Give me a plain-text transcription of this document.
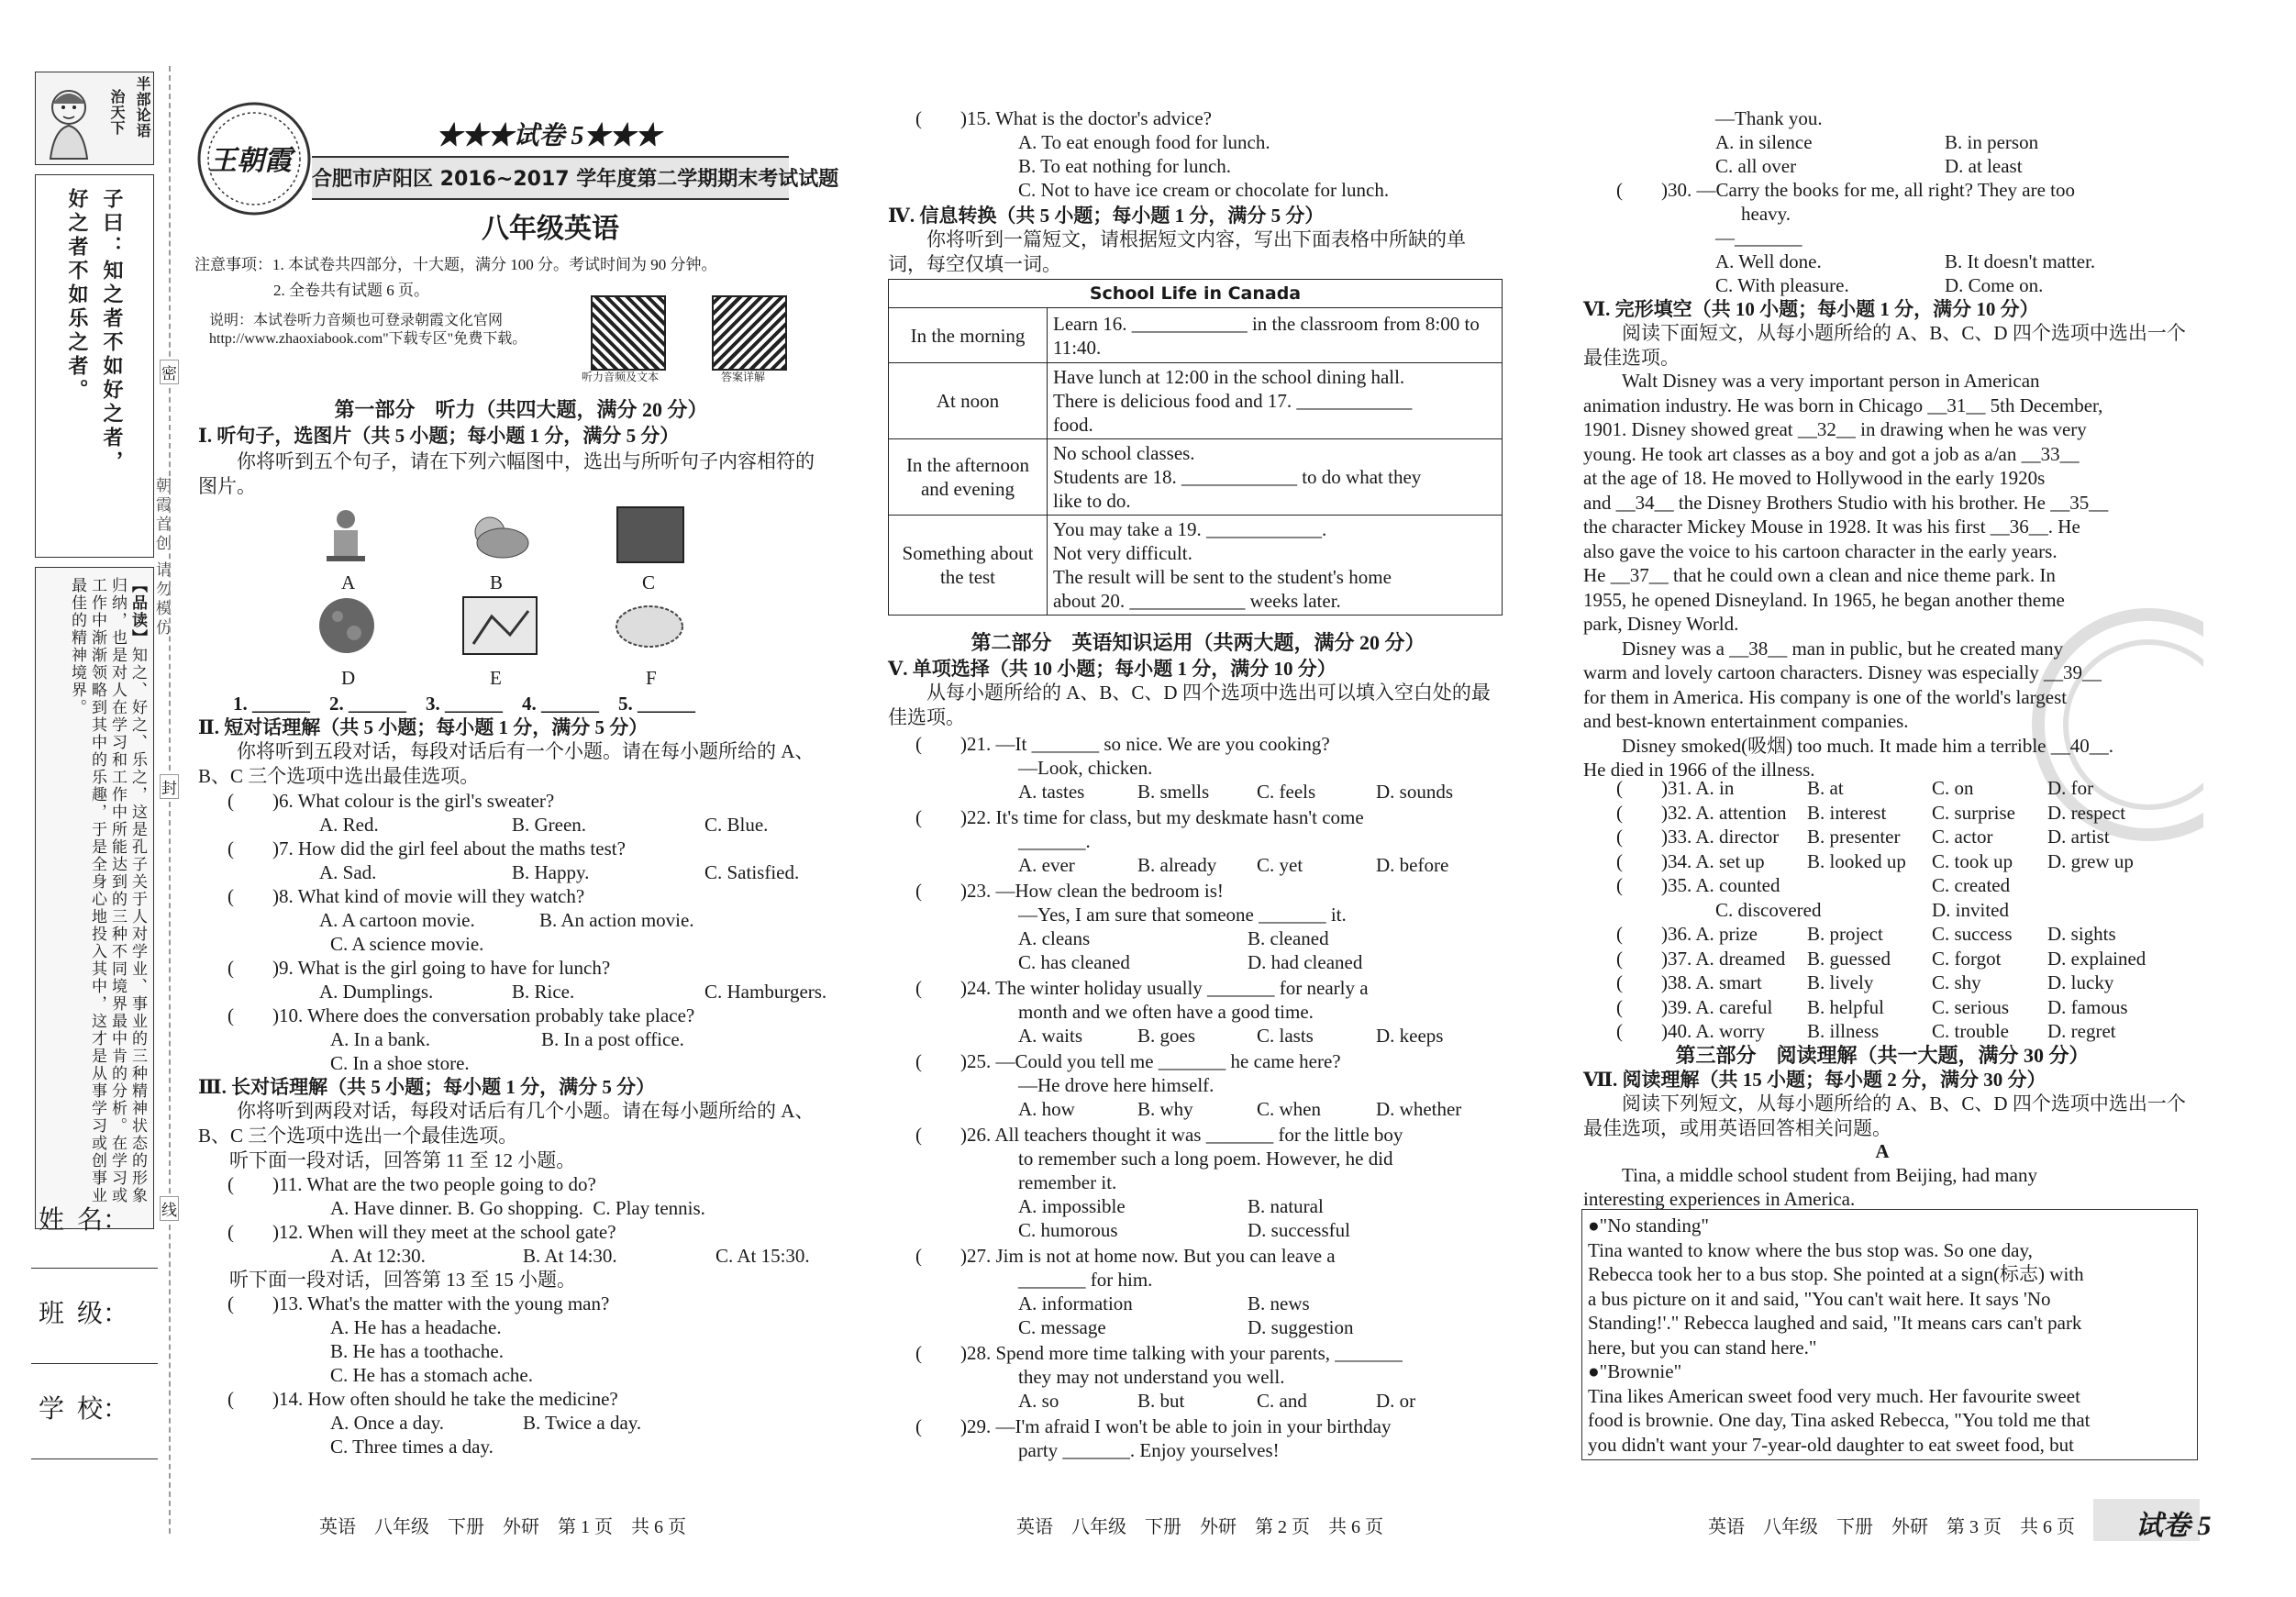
半部论语
治天下
子曰：知之者不如好之者，
好之者不如乐之者。
【品读】知之、好之、乐之，这是孔子关于人对学业、事业的三种精神状态的形象归纳，也是对人在学习和工作中所能达到的三种不同境界最中肯的分析。在学习或工作中渐渐领略到其中的乐趣，于是全身心地投入其中，这才是从事学习或创事业最佳的精神境界。
朝霞首创 请勿模仿
密
封
线
姓  名：
班  级：
学  校：
王朝霞
★★★试卷 5★★★
合肥市庐阳区 2016~2017 学年度第二学期期末考试试题
八年级英语
注意事项：1. 本试卷共四部分，十大题，满分 100 分。考试时间为 90 分钟。
2. 全卷共有试题 6 页。
说明：本试卷听力音频也可登录朝霞文化官网 http://www.zhaoxiabook.com"下载专区"免费下载。
听力音频及文本	答案详解
第一部分　听力（共四大题，满分 20 分）
Ⅰ. 听句子，选图片（共 5 小题；每小题 1 分，满分 5 分）
你将听到五个句子，请在下列六幅图中，选出与所听句子内容相符的图片。
A	B	C
D	E	F
1. ______　2. ______　3. ______　4. ______　5. ______
Ⅱ. 短对话理解（共 5 小题；每小题 1 分，满分 5 分）
你将听到五段对话，每段对话后有一个小题。请在每小题所给的 A、B、C 三个选项中选出最佳选项。
(　　)6. What colour is the girl's sweater?
A. Red.	B. Green.	C. Blue.
(　　)7. How did the girl feel about the maths test?
A. Sad.	B. Happy.	C. Satisfied.
(　　)8. What kind of movie will they watch?
A. A cartoon movie.	B. An action movie.
C. A science movie.
(　　)9. What is the girl going to have for lunch?
A. Dumplings.	B. Rice.	C. Hamburgers.
(　　)10. Where does the conversation probably take place?
A. In a bank.	B. In a post office.
C. In a shoe store.
Ⅲ. 长对话理解（共 5 小题；每小题 1 分，满分 5 分）
你将听到两段对话，每段对话后有几个小题。请在每小题所给的 A、B、C 三个选项中选出一个最佳选项。
听下面一段对话，回答第 11 至 12 小题。
(　　)11. What are the two people going to do?
A. Have dinner. B. Go shopping.  C. Play tennis.
(　　)12. When will they meet at the school gate?
A. At 12:30.	B. At 14:30.	C. At 15:30.
听下面一段对话，回答第 13 至 15 小题。
(　　)13. What's the matter with the young man?
A. He has a headache.
B. He has a toothache.
C. He has a stomach ache.
(　　)14. How often should he take the medicine?
A. Once a day.	B. Twice a day.
C. Three times a day.
英语　八年级　下册　外研　第 1 页　共 6 页
(　　)15. What is the doctor's advice?
A. To eat enough food for lunch.
B. To eat nothing for lunch.
C. Not to have ice cream or chocolate for lunch.
Ⅳ. 信息转换（共 5 小题；每小题 1 分，满分 5 分）
你将听到一篇短文，请根据短文内容，写出下面表格中所缺的单词，每空仅填一词。
School Life in Canada	
In the morning	Learn 16. ____________ in the classroom from 8:00 to 11:40.
At noon	Have lunch at 12:00 in the school dining hall.
There is delicious food and 17. ____________
food.

In the afternoon and evening	No school classes.
Students are 18. ____________ to do what they
like to do.

Something about the test	You may take a 19. ____________.
Not very difficult.
The result will be sent to the student's home
about 20. ____________ weeks later.
第二部分　英语知识运用（共两大题，满分 20 分）
Ⅴ. 单项选择（共 10 小题；每小题 1 分，满分 10 分）
从每小题所给的 A、B、C、D 四个选项中选出可以填入空白处的最佳选项。
(　　)21. —It _______ so nice. We are you cooking?
—Look, chicken.
A. tastes	B. smells C. feels	D. sounds
(　　)22. It's time for class, but my deskmate hasn't come
_______.
A. ever	B. already C. yet	D. before
(　　)23. —How clean the bedroom is!
—Yes, I am sure that someone _______ it.
A. cleans	B. cleaned
C. has cleaned	D. had cleaned
(　　)24. The winter holiday usually _______ for nearly a
month and we often have a good time.
A. waits	B. goes	C. lasts	D. keeps
(　　)25. —Could you tell me _______ he came here?
—He drove here himself.
A. how	B. why	C. when	D. whether
(　　)26. All teachers thought it was _______ for the little boy
to remember such a long poem. However, he did
remember it.
A. impossible	B. natural
C. humorous	D. successful
(　　)27. Jim is not at home now. But you can leave a
_______ for him.
A. information	B. news
C. message	D. suggestion
(　　)28. Spend more time talking with your parents, _______
they may not understand you well.
A. so	B. but	C. and	D. or
(　　)29. —I'm afraid I won't be able to join in your birthday
party _______. Enjoy yourselves!
英语　八年级　下册　外研　第 2 页　共 6 页
—Thank you.
A. in silence	B. in person
C. all over	D. at least
(　　)30. —Carry the books for me, all right? They are too
heavy.
—_______
A. Well done.	B. It doesn't matter.
C. With pleasure.	D. Come on.
Ⅵ. 完形填空（共 10 小题；每小题 1 分，满分 10 分）
阅读下面短文，从每小题所给的 A、B、C、D 四个选项中选出一个最佳选项。
Walt Disney was a very important person in American
animation industry. He was born in Chicago __31__ 5th December,
1901. Disney showed great __32__ in drawing when he was very
young. He took art classes as a boy and got a job as a/an __33__
at the age of 18. He moved to Hollywood in the early 1920s
and __34__ the Disney Brothers Studio with his brother. He __35__
the character Mickey Mouse in 1928. It was his first __36__. He
also gave the voice to his cartoon character in the early years.
He __37__ that he could own a clean and nice theme park. In
1955, he opened Disneyland. In 1965, he began another theme
park, Disney World.
Disney was a __38__ man in public, but he created many
warm and lovely cartoon characters. Disney was especially __39__
for them in America. His company is one of the world's largest
and best-known entertainment companies.
Disney smoked(吸烟) too much. It made him a terrible __40__.
He died in 1966 of the illness.
(　　)31. A. in	B. at	C. on	D. for
(　　)32. A. attention B. interest C. surprise D. respect
(　　)33. A. director B. presenter C. actor	D. artist
(　　)34. A. set up B. looked up C. took up D. grew up
(　　)35. A. counted	C. created
C. discovered	D. invited
(　　)36. A. prize	B. project	C. success D. sights
(　　)37. A. dreamed B. guessed C. forgot D. explained
(　　)38. A. smart B. lively	C. shy	D. lucky
(　　)39. A. careful B. helpful C. serious D. famous
(　　)40. A. worry B. illness	C. trouble D. regret
第三部分　阅读理解（共一大题，满分 30 分）
Ⅶ. 阅读理解（共 15 小题；每小题 2 分，满分 30 分）
阅读下列短文，从每小题所给的 A、B、C、D 四个选项中选出一个最佳选项，或用英语回答相关问题。
A
Tina, a middle school student from Beijing, had many
interesting experiences in America.
●"No standing"
Tina wanted to know where the bus stop was. So one day,
Rebecca took her to a bus stop. She pointed at a sign(标志) with
a bus picture on it and said, "You can't wait here. It says 'No
Standing!'." Rebecca laughed and said, "It means cars can't park
here, but you can stand here."
●"Brownie"
Tina likes American sweet food very much. Her favourite sweet
food is brownie. One day, Tina asked Rebecca, "You told me that
you didn't want your 7-year-old daughter to eat sweet food, but
英语　八年级　下册　外研　第 3 页　共 6 页 试卷 5
